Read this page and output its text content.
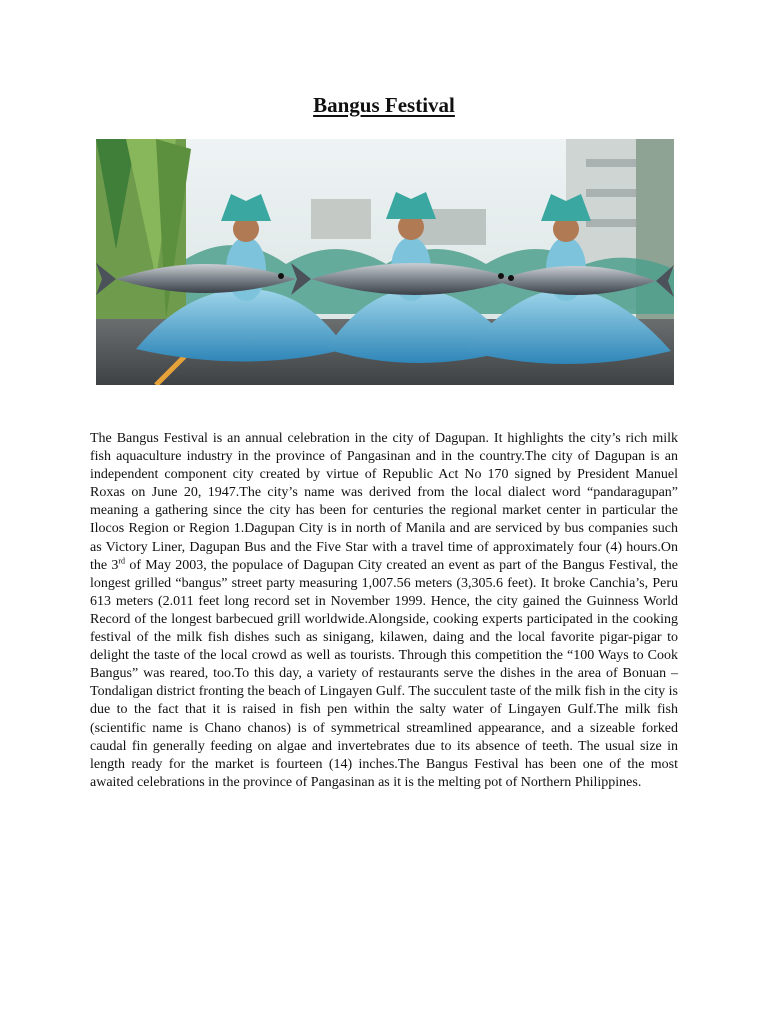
Bangus Festival
The Bangus Festival is an annual celebration in the city of Dagupan. It highlights the city’s rich milk fish aquaculture industry in the province of Pangasinan and in the country.The city of Dagupan is an independent component city created by virtue of Republic Act No 170 signed by President Manuel Roxas on June 20, 1947.The city’s name was derived from the local dialect word “pandaragupan” meaning a gathering since the city has been for centuries the regional market center in particular the Ilocos Region or Region 1.Dagupan City is in north of Manila and are serviced by bus companies such as Victory Liner, Dagupan Bus and the Five Star with a travel time of approximately four (4) hours.On the 3rd of May 2003, the populace of Dagupan City created an event as part of the Bangus Festival, the longest grilled “bangus” street party measuring 1,007.56 meters (3,305.6 feet). It broke Canchia’s, Peru 613 meters (2.011 feet long record set in November 1999. Hence, the city gained the Guinness World Record of the longest barbecued grill worldwide.Alongside, cooking experts participated in the cooking festival of the milk fish dishes such as sinigang, kilawen, daing and the local favorite pigar-pigar to delight the taste of the local crowd as well as tourists. Through this competition the “100 Ways to Cook Bangus” was reared, too.To this day, a variety of restaurants serve the dishes in the area of Bonuan – Tondaligan district fronting the beach of Lingayen Gulf. The succulent taste of the milk fish in the city is due to the fact that it is raised in fish pen within the salty water of Lingayen Gulf.The milk fish (scientific name is Chano chanos) is of symmetrical streamlined appearance, and a sizeable forked caudal fin generally feeding on algae and invertebrates due to its absence of teeth. The usual size in length ready for the market is fourteen (14) inches.The Bangus Festival has been one of the most awaited celebrations in the province of Pangasinan as it is the melting pot of Northern Philippines.
